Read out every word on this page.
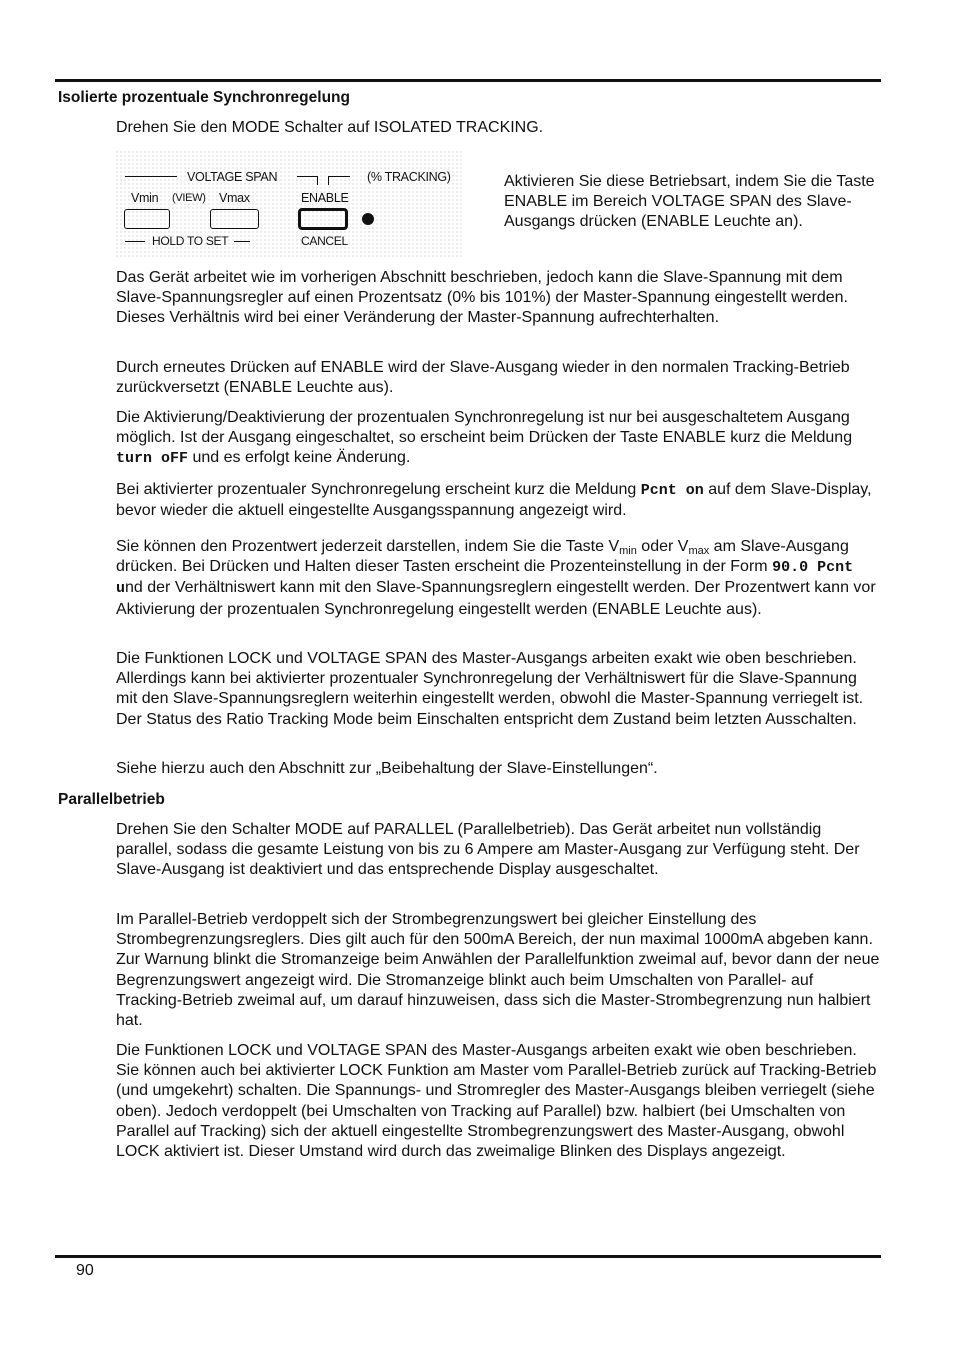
Isolierte prozentuale Synchronregelung

Drehen Sie den MODE Schalter auf ISOLATED TRACKING.

VOLTAGE SPAN	(% TRACKING)
Vmin (VIEW) Vmax	ENABLE
HOLD TO SET	CANCEL
Aktivieren Sie diese Betriebsart, indem Sie die Taste ENABLE im Bereich VOLTAGE SPAN des Slave-Ausgangs drücken (ENABLE Leuchte an).

Das Gerät arbeitet wie im vorherigen Abschnitt beschrieben, jedoch kann die Slave-Spannung mit dem Slave-Spannungsregler auf einen Prozentsatz (0% bis 101%) der Master-Spannung eingestellt werden. Dieses Verhältnis wird bei einer Veränderung der Master-Spannung aufrechterhalten.

Durch erneutes Drücken auf ENABLE wird der Slave-Ausgang wieder in den normalen Tracking-Betrieb zurückversetzt (ENABLE Leuchte aus).

Die Aktivierung/Deaktivierung der prozentualen Synchronregelung ist nur bei ausgeschaltetem Ausgang möglich. Ist der Ausgang eingeschaltet, so erscheint beim Drücken der Taste ENABLE kurz die Meldung turn oFF und es erfolgt keine Änderung.

Bei aktivierter prozentualer Synchronregelung erscheint kurz die Meldung Pcnt on auf dem Slave-Display, bevor wieder die aktuell eingestellte Ausgangsspannung angezeigt wird.

Sie können den Prozentwert jederzeit darstellen, indem Sie die Taste $V_{min}$ oder $V_{max}$ am Slave-Ausgang drücken. Bei Drücken und Halten dieser Tasten erscheint die Prozenteinstellung in der Form 90.0 Pcnt und der Verhältniswert kann mit den Slave-Spannungsreglern eingestellt werden. Der Prozentwert kann vor Aktivierung der prozentualen Synchronregelung eingestellt werden (ENABLE Leuchte aus).

Die Funktionen LOCK und VOLTAGE SPAN des Master-Ausgangs arbeiten exakt wie oben beschrieben. Allerdings kann bei aktivierter prozentualer Synchronregelung der Verhältniswert für die Slave-Spannung mit den Slave-Spannungsreglern weiterhin eingestellt werden, obwohl die Master-Spannung verriegelt ist. Der Status des Ratio Tracking Mode beim Einschalten entspricht dem Zustand beim letzten Ausschalten.

Siehe hierzu auch den Abschnitt zur „Beibehaltung der Slave-Einstellungen“.

Parallelbetrieb

Drehen Sie den Schalter MODE auf PARALLEL (Parallelbetrieb). Das Gerät arbeitet nun vollständig parallel, sodass die gesamte Leistung von bis zu 6 Ampere am Master-Ausgang zur Verfügung steht. Der Slave-Ausgang ist deaktiviert und das entsprechende Display ausgeschaltet.

Im Parallel-Betrieb verdoppelt sich der Strombegrenzungswert bei gleicher Einstellung des Strombegrenzungsreglers. Dies gilt auch für den 500mA Bereich, der nun maximal 1000mA abgeben kann. Zur Warnung blinkt die Stromanzeige beim Anwählen der Parallelfunktion zweimal auf, bevor dann der neue Begrenzungswert angezeigt wird. Die Stromanzeige blinkt auch beim Umschalten von Parallel- auf Tracking-Betrieb zweimal auf, um darauf hinzuweisen, dass sich die Master-Strombegrenzung nun halbiert hat.

Die Funktionen LOCK und VOLTAGE SPAN des Master-Ausgangs arbeiten exakt wie oben beschrieben. Sie können auch bei aktivierter LOCK Funktion am Master vom Parallel-Betrieb zurück auf Tracking-Betrieb (und umgekehrt) schalten. Die Spannungs- und Stromregler des Master-Ausgangs bleiben verriegelt (siehe oben). Jedoch verdoppelt (bei Umschalten von Tracking auf Parallel) bzw. halbiert (bei Umschalten von Parallel auf Tracking) sich der aktuell eingestellte Strombegrenzungswert des Master-Ausgang, obwohl LOCK aktiviert ist. Dieser Umstand wird durch das zweimalige Blinken des Displays angezeigt.

90
